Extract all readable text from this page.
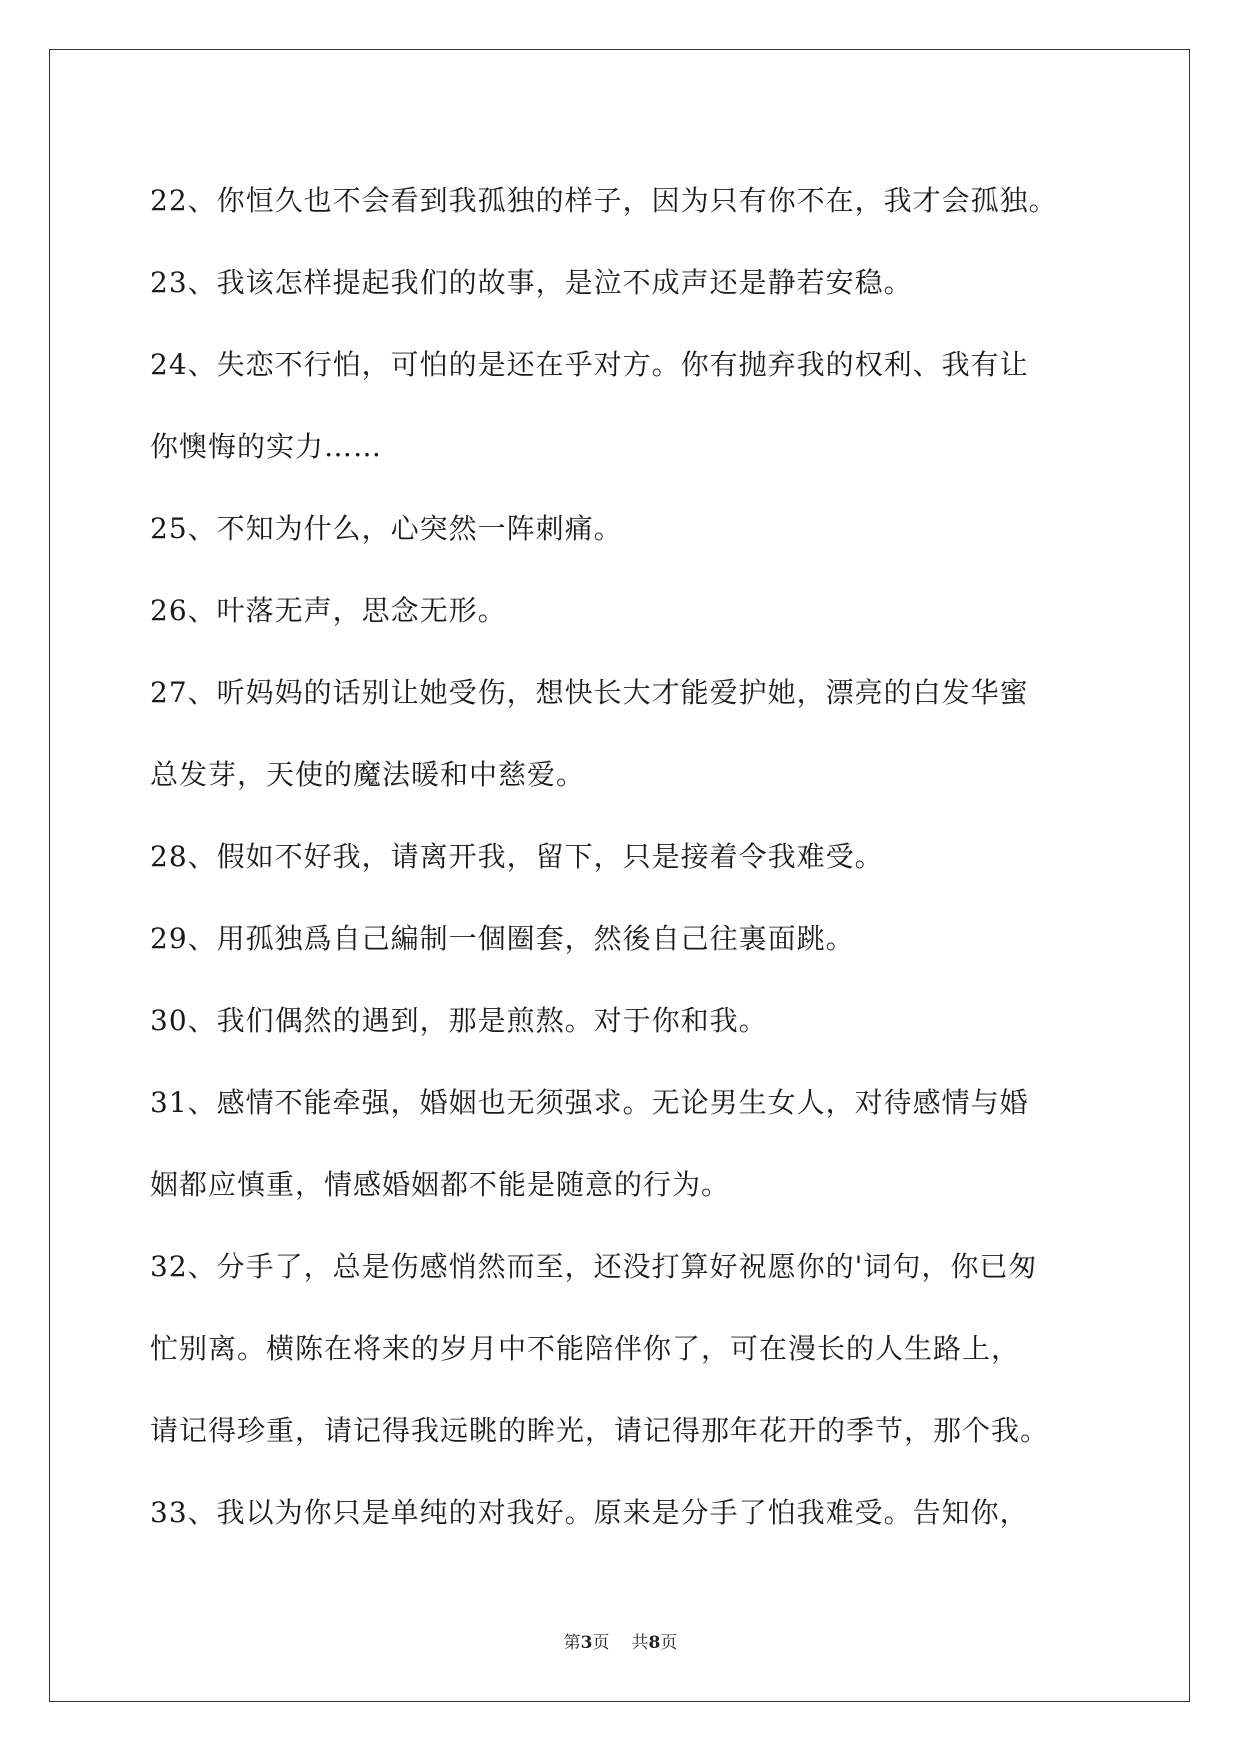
22、你恒久也不会看到我孤独的样子，因为只有你不在，我才会孤独。
23、我该怎样提起我们的故事，是泣不成声还是静若安稳。
24、失恋不行怕，可怕的是还在乎对方。你有抛弃我的权利、我有让
你懊悔的实力……
25、不知为什么，心突然一阵刺痛。
26、叶落无声，思念无形。
27、听妈妈的话别让她受伤，想快长大才能爱护她，漂亮的白发华蜜
总发芽，天使的魔法暖和中慈爱。
28、假如不好我，请离开我，留下，只是接着令我难受。
29、用孤独爲自己編制一個圈套，然後自己往裏面跳。
30、我们偶然的遇到，那是煎熬。对于你和我。
31、感情不能牵强，婚姻也无须强求。无论男生女人，对待感情与婚
姻都应慎重，情感婚姻都不能是随意的行为。
32、分手了，总是伤感悄然而至，还没打算好祝愿你的'词句，你已匆
忙别离。横陈在将来的岁月中不能陪伴你了，可在漫长的人生路上，
请记得珍重，请记得我远眺的眸光，请记得那年花开的季节，那个我。
33、我以为你只是单纯的对我好。原来是分手了怕我难受。告知你，
第3页 共8页
